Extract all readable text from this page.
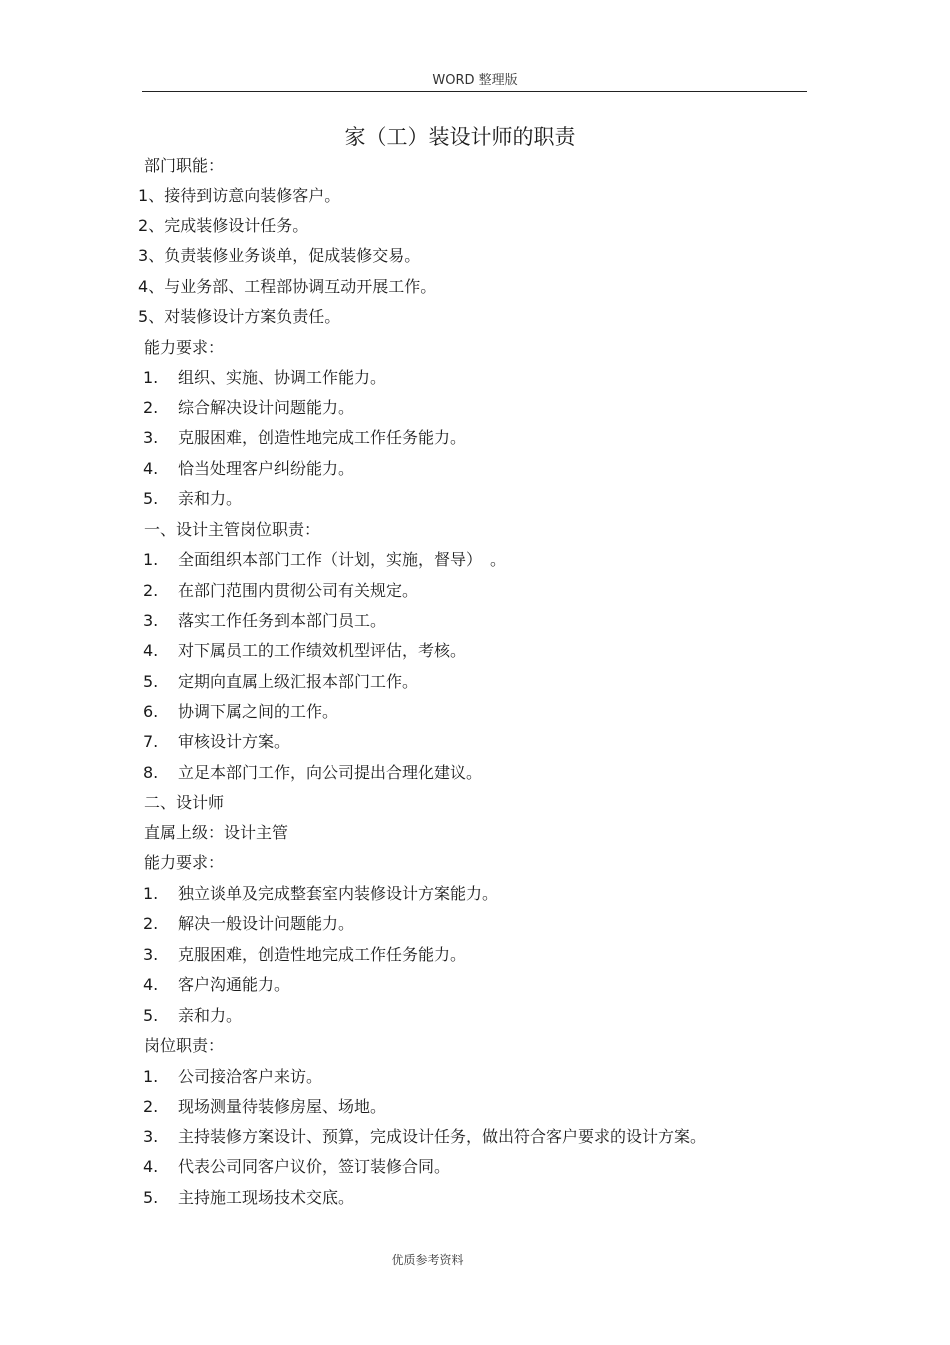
WORD 整理版
家（工）装设计师的职责
部门职能：
1、接待到访意向装修客户。
2、完成装修设计任务。
3、负责装修业务谈单，促成装修交易。
4、与业务部、工程部协调互动开展工作。
5、对装修设计方案负责任。
能力要求：
1. 组织、实施、协调工作能力。
2. 综合解决设计问题能力。
3. 克服困难，创造性地完成工作任务能力。
4. 恰当处理客户纠纷能力。
5. 亲和力。
一、设计主管岗位职责：
1. 全面组织本部门工作（计划，实施，督导）　。
2. 在部门范围内贯彻公司有关规定。
3. 落实工作任务到本部门员工。
4. 对下属员工的工作绩效机型评估，考核。
5. 定期向直属上级汇报本部门工作。
6. 协调下属之间的工作。
7. 审核设计方案。
8. 立足本部门工作，向公司提出合理化建议。
二、设计师
直属上级：设计主管
能力要求：
1. 独立谈单及完成整套室内装修设计方案能力。
2. 解决一般设计问题能力。
3. 克服困难，创造性地完成工作任务能力。
4. 客户沟通能力。
5. 亲和力。
岗位职责：
1. 公司接洽客户来访。
2. 现场测量待装修房屋、场地。
3. 主持装修方案设计、预算，完成设计任务，做出符合客户要求的设计方案。
4. 代表公司同客户议价，签订装修合同。
5. 主持施工现场技术交底。
优质参考资料
